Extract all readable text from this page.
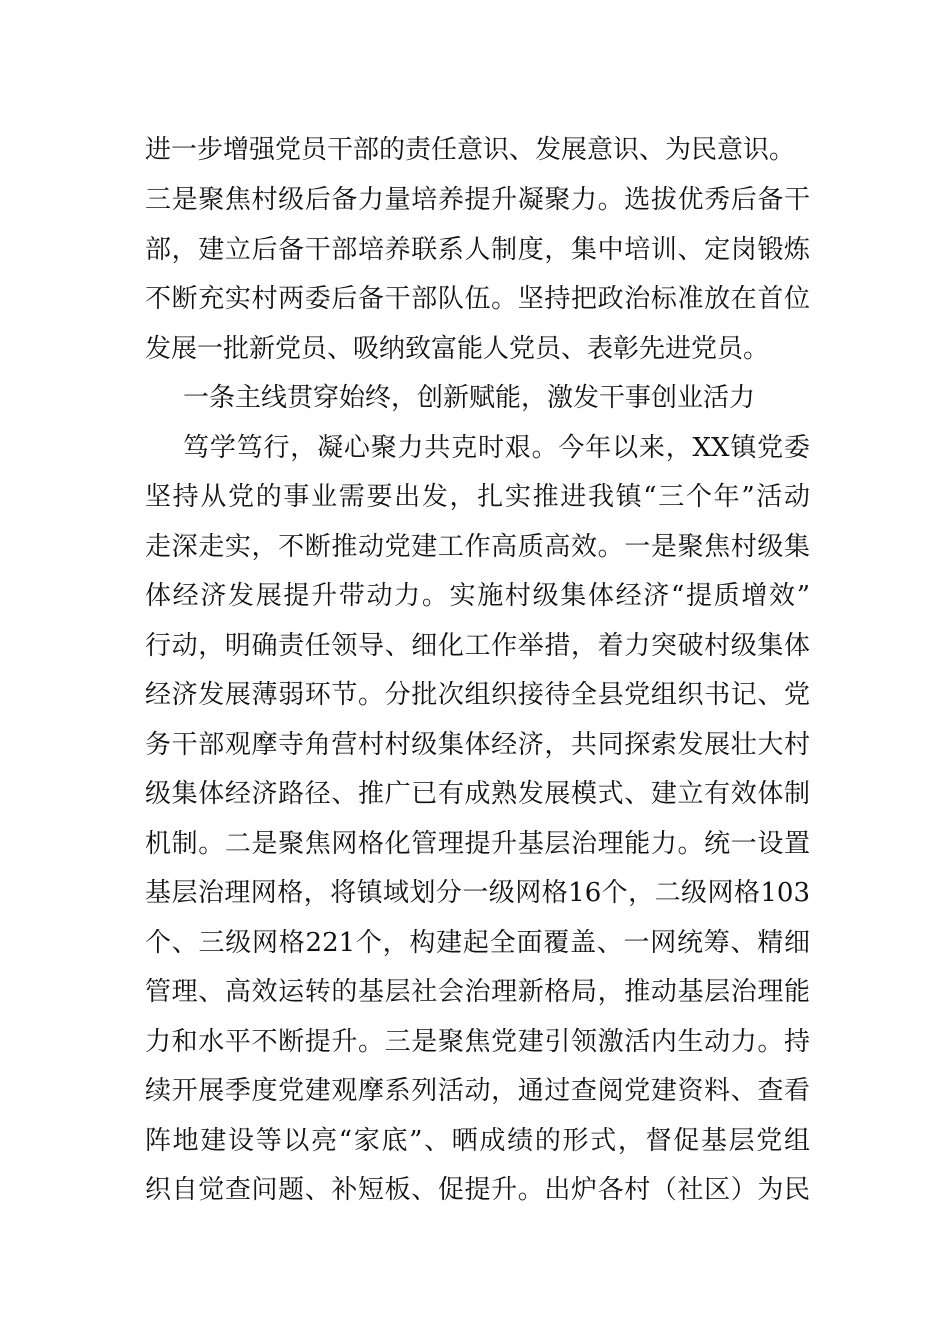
进一步增强党员干部的责任意识、发展意识、为民意识。
三是聚焦村级后备力量培养提升凝聚力。选拔优秀后备干
部，建立后备干部培养联系人制度，集中培训、定岗锻炼
不断充实村两委后备干部队伍。坚持把政治标准放在首位
发展一批新党员、吸纳致富能人党员、表彰先进党员。
一条主线贯穿始终，创新赋能，激发干事创业活力
笃学笃行，凝心聚力共克时艰。今年以来，XX镇党委
坚持从党的事业需要出发，扎实推进我镇“三个年”活动
走深走实，不断推动党建工作高质高效。一是聚焦村级集
体经济发展提升带动力。实施村级集体经济“提质增效”
行动，明确责任领导、细化工作举措，着力突破村级集体
经济发展薄弱环节。分批次组织接待全县党组织书记、党
务干部观摩寺角营村村级集体经济，共同探索发展壮大村
级集体经济路径、推广已有成熟发展模式、建立有效体制
机制。二是聚焦网格化管理提升基层治理能力。统一设置
基层治理网格，将镇域划分一级网格16个，二级网格103
个、三级网格221个，构建起全面覆盖、一网统筹、精细
管理、高效运转的基层社会治理新格局，推动基层治理能
力和水平不断提升。三是聚焦党建引领激活内生动力。持
续开展季度党建观摩系列活动，通过查阅党建资料、查看
阵地建设等以亮“家底”、晒成绩的形式，督促基层党组
织自觉查问题、补短板、促提升。出炉各村（社区）为民
